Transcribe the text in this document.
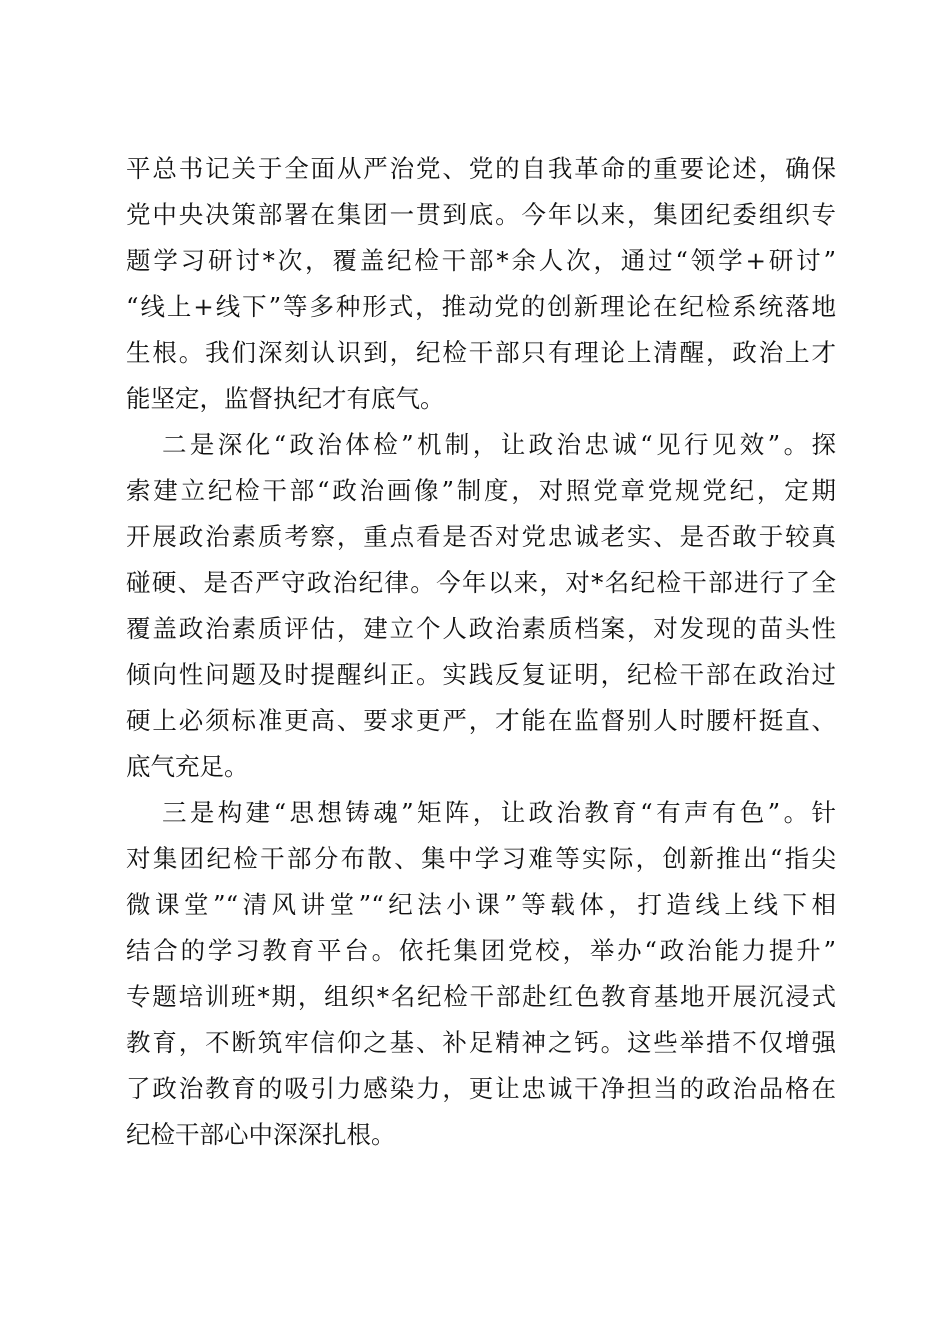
平总书记关于全面从严治党、党的自我革命的重要论述，确保
党中央决策部署在集团一贯到底。今年以来，集团纪委组织专
题学习研讨*次，覆盖纪检干部*余人次，通过“领学+研讨”
“线上+线下”等多种形式，推动党的创新理论在纪检系统落地
生根。我们深刻认识到，纪检干部只有理论上清醒，政治上才
能坚定，监督执纪才有底气。
二是深化“政治体检”机制，让政治忠诚“见行见效”。探
索建立纪检干部“政治画像”制度，对照党章党规党纪，定期
开展政治素质考察，重点看是否对党忠诚老实、是否敢于较真
碰硬、是否严守政治纪律。今年以来，对*名纪检干部进行了全
覆盖政治素质评估，建立个人政治素质档案，对发现的苗头性
倾向性问题及时提醒纠正。实践反复证明，纪检干部在政治过
硬上必须标准更高、要求更严，才能在监督别人时腰杆挺直、
底气充足。
三是构建“思想铸魂”矩阵，让政治教育“有声有色”。针
对集团纪检干部分布散、集中学习难等实际，创新推出“指尖
微课堂”“清风讲堂”“纪法小课”等载体，打造线上线下相
结合的学习教育平台。依托集团党校，举办“政治能力提升”
专题培训班*期，组织*名纪检干部赴红色教育基地开展沉浸式
教育，不断筑牢信仰之基、补足精神之钙。这些举措不仅增强
了政治教育的吸引力感染力，更让忠诚干净担当的政治品格在
纪检干部心中深深扎根。
